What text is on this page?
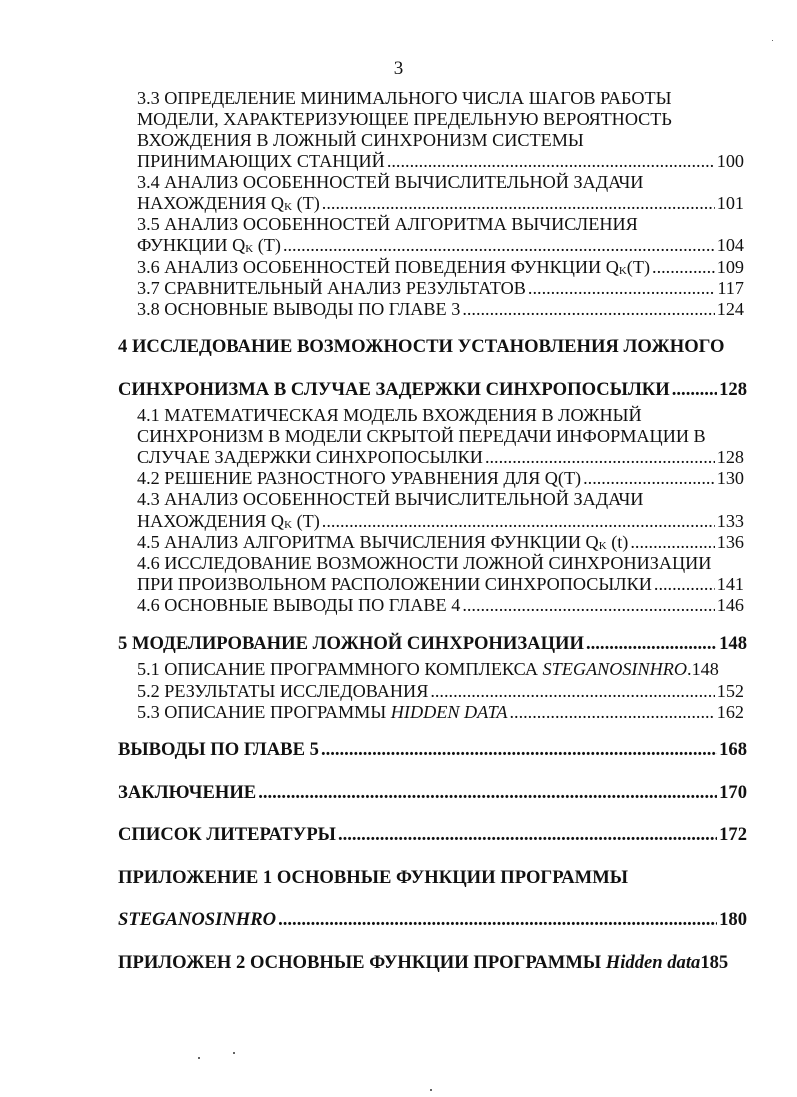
3
3.3 ОПРЕДЕЛЕНИЕ МИНИМАЛЬНОГО ЧИСЛА ШАГОВ РАБОТЫ
МОДЕЛИ, ХАРАКТЕРИЗУЮЩЕЕ ПРЕДЕЛЬНУЮ ВЕРОЯТНОСТЬ
ВХОЖДЕНИЯ В ЛОЖНЫЙ СИНХРОНИЗМ СИСТЕМЫ
ПРИНИМАЮЩИХ СТАНЦИЙ .....	100
3.4 АНАЛИЗ ОСОБЕННОСТЕЙ ВЫЧИСЛИТЕЛЬНОЙ ЗАДАЧИ
НАХОЖДЕНИЯ $Q_K$ (T) .....	101
3.5 АНАЛИЗ ОСОБЕННОСТЕЙ АЛГОРИТМА ВЫЧИСЛЕНИЯ
ФУНКЦИИ $Q_K$ (T) .....	104
3.6 АНАЛИЗ ОСОБЕННОСТЕЙ ПОВЕДЕНИЯ ФУНКЦИИ $Q_K(T)$ .....	109
3.7 СРАВНИТЕЛЬНЫЙ АНАЛИЗ РЕЗУЛЬТАТОВ .....	117
3.8 ОСНОВНЫЕ ВЫВОДЫ ПО ГЛАВЕ 3 .....	124
4 ИССЛЕДОВАНИЕ ВОЗМОЖНОСТИ УСТАНОВЛЕНИЯ ЛОЖНОГО
СИНХРОНИЗМА В СЛУЧАЕ ЗАДЕРЖКИ СИНХРОПОСЫЛКИ .....	128
4.1 МАТЕМАТИЧЕСКАЯ МОДЕЛЬ ВХОЖДЕНИЯ В ЛОЖНЫЙ
СИНХРОНИЗМ В МОДЕЛИ СКРЫТОЙ ПЕРЕДАЧИ ИНФОРМАЦИИ В
СЛУЧАЕ ЗАДЕРЖКИ СИНХРОПОСЫЛКИ .....	128
4.2 РЕШЕНИЕ РАЗНОСТНОГО УРАВНЕНИЯ ДЛЯ Q(T) .....	130
4.3 АНАЛИЗ ОСОБЕННОСТЕЙ ВЫЧИСЛИТЕЛЬНОЙ ЗАДАЧИ
НАХОЖДЕНИЯ $Q_K$ (T) .....	133
4.5 АНАЛИЗ АЛГОРИТМА ВЫЧИСЛЕНИЯ ФУНКЦИИ $Q_K$ (t) .....	136
4.6 ИССЛЕДОВАНИЕ ВОЗМОЖНОСТИ ЛОЖНОЙ СИНХРОНИЗАЦИИ
ПРИ ПРОИЗВОЛЬНОМ РАСПОЛОЖЕНИИ СИНХРОПОСЫЛКИ .....	141
4.6 ОСНОВНЫЕ ВЫВОДЫ ПО ГЛАВЕ 4 .....	146
5 МОДЕЛИРОВАНИЕ ЛОЖНОЙ СИНХРОНИЗАЦИИ .....	148
5.1 ОПИСАНИЕ ПРОГРАММНОГО КОМПЛЕКСА STEGANOSINHRO. 148
5.2 РЕЗУЛЬТАТЫ ИССЛЕДОВАНИЯ .....	152
5.3 ОПИСАНИЕ ПРОГРАММЫ HIDDEN DATA .....	162
ВЫВОДЫ ПО ГЛАВЕ 5 .....	168
ЗАКЛЮЧЕНИЕ .....	170
СПИСОК ЛИТЕРАТУРЫ .....	172
ПРИЛОЖЕНИЕ 1 ОСНОВНЫЕ ФУНКЦИИ ПРОГРАММЫ
STEGANOSINHRO .....	180
ПРИЛОЖЕН 2 ОСНОВНЫЕ ФУНКЦИИ ПРОГРАММЫ Hidden data 185
